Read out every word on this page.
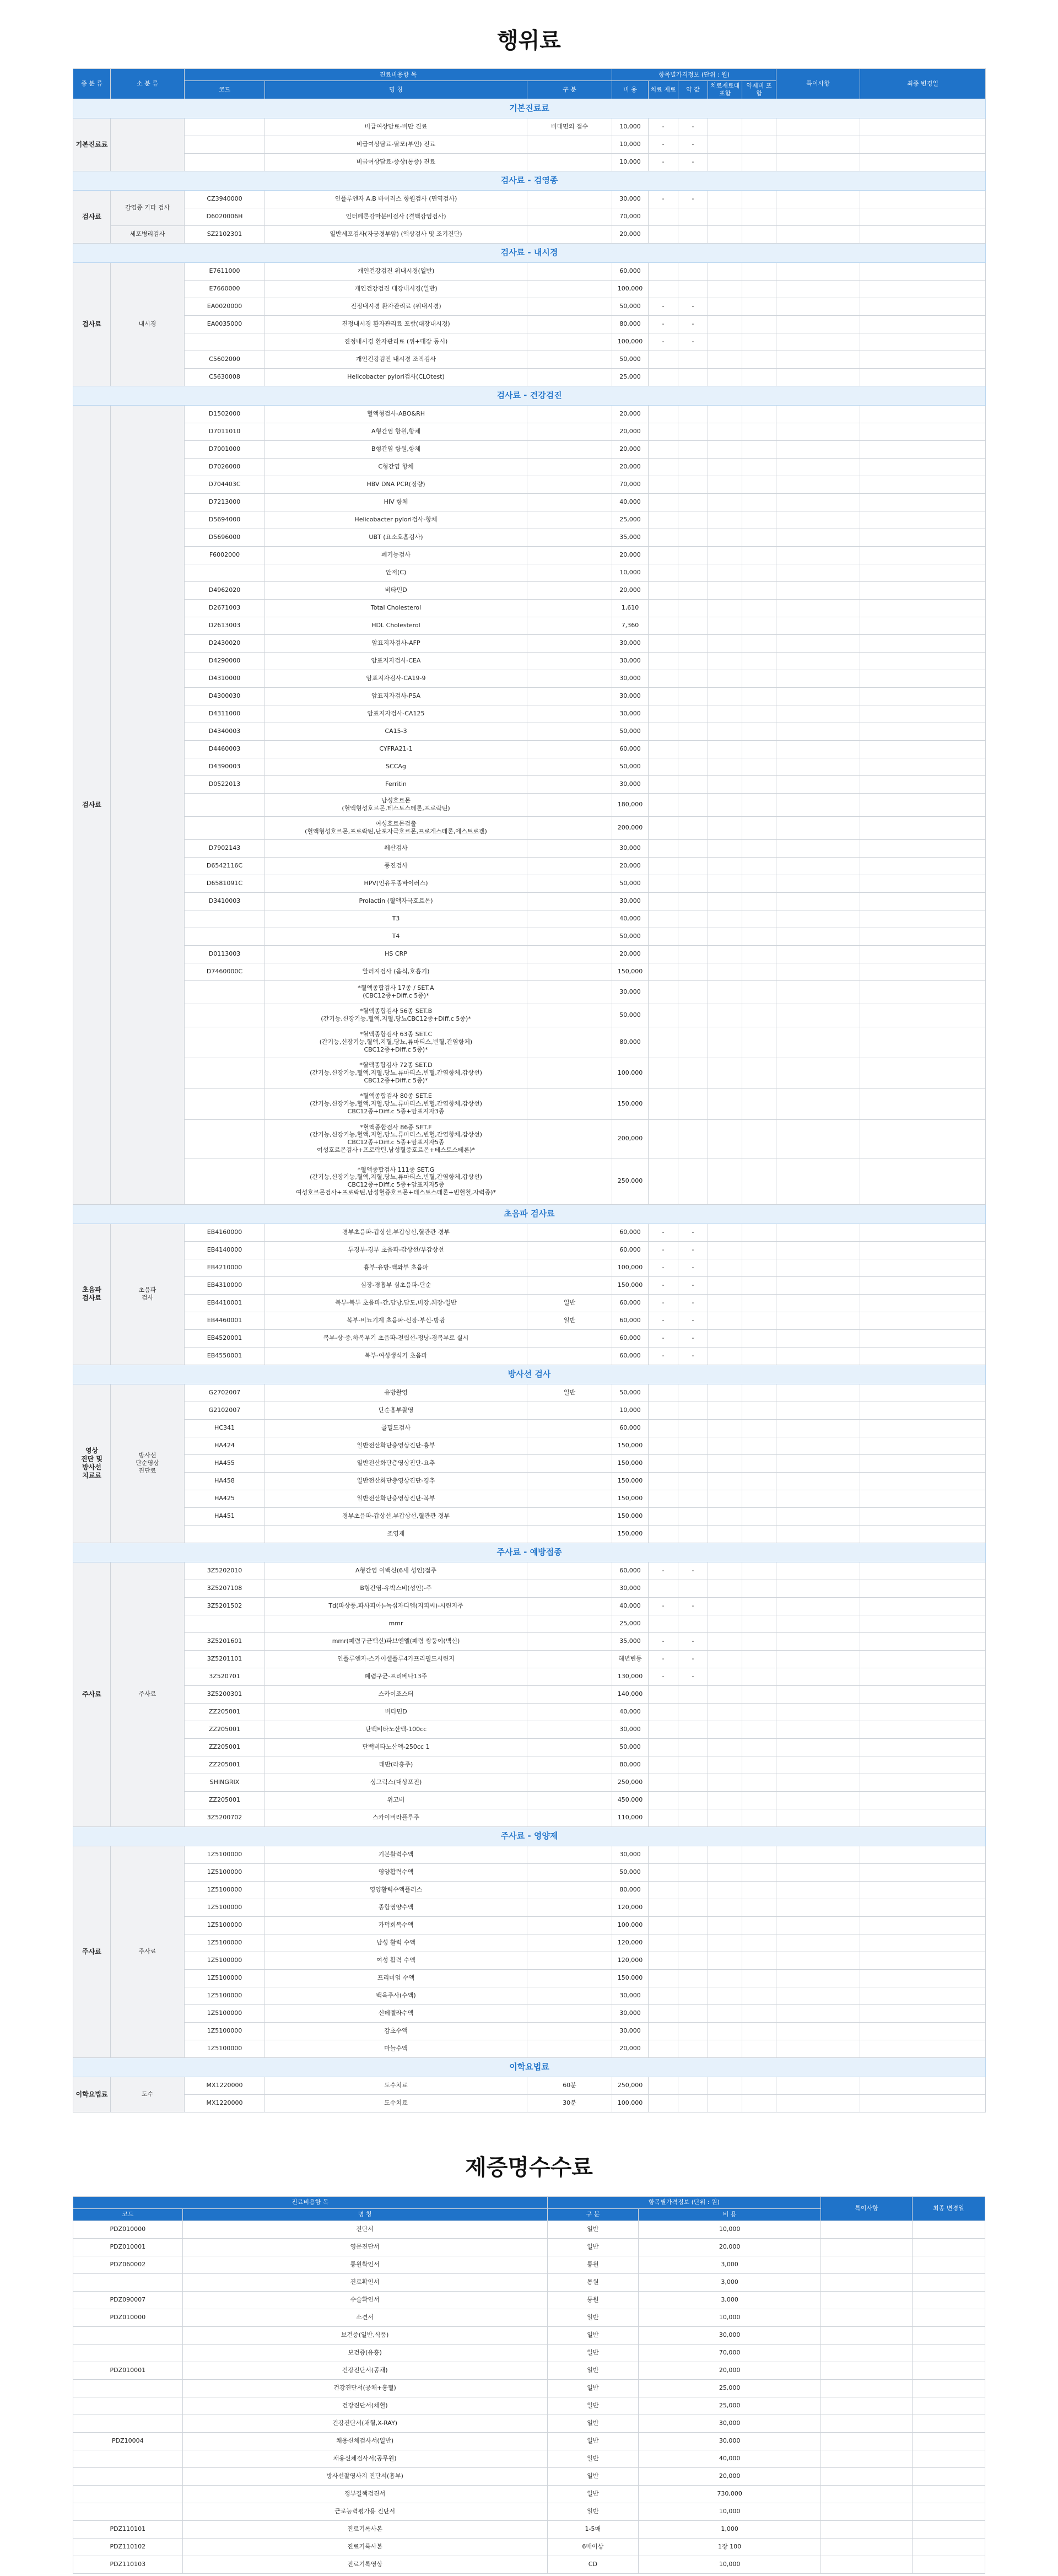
행위료
종 분 류	소 분 류	진료비용항 목			항목별가격정보 (단위 : 원)					특이사항	최종 변경일
		코드	명 칭	구 분	비 용	치료 재료	약 값	치료재료대 포함	약제비 포함		
기본진료료											
기본진료료			비급여상담료-비만 진료	비대면의 접수	10,000	-	-				
			비급여상담료-탈모(부인) 진료		10,000	-	-				
			비급여상담료-증상(통증) 진료		10,000	-	-				
검사료 - 검영종											
검사료	감염종 기타 검사	CZ3940000	인플루엔자 A,B 바이러스 항원검사 (면역검사)		30,000	-	-				
		D6020006H	인터페론감마분비검사 (결핵감염검사)		70,000						
	세포병리검사	SZ2102301	일반세포검사(자궁경부암) (액상검사 및 조기진단)		20,000						
검사료 - 내시경											
검사료	내시경	E7611000	개인건강검진 위내시경(일반)		60,000						
		E7660000	개인건강검진 대장내시경(일반)		100,000						
		EA0020000	진정내시경 환자관리료 (위내시경)		50,000	-	-				
		EA0035000	진정내시경 환자관리료 포함(대장내시경)		80,000	-	-				
			진정내시경 환자관리료 (위+대장 동시)		100,000	-	-				
		C5602000	개인건강검진 내시경 조직검사		50,000						
		C5630008	Helicobacter pylori검사(CLOtest)		25,000						
검사료 - 건강검진											
검사료		D1502000	혈액형검사-ABO&RH		20,000						
		D7011010	A형간염 항원,항체		20,000						
		D7001000	B형간염 항원,항체		20,000						
		D7026000	C형간염 항체		20,000						
		D704403C	HBV DNA PCR(정량)		70,000						
		D7213000	HIV 항체		40,000						
		D5694000	Helicobacter pylori검사-항체		25,000						
		D5696000	UBT (요소호흡검사)		35,000						
		F6002000	폐기능검사		20,000						
			안저(C)		10,000						
		D4962020	비타민D		20,000						
		D2671003	Total Cholesterol		1,610						
		D2613003	HDL Cholesterol		7,360						
		D2430020	암표지자검사-AFP		30,000						
		D4290000	암표지자검사-CEA		30,000						
		D4310000	암표지자검사-CA19-9		30,000						
		D4300030	암표지자검사-PSA		30,000						
		D4311000	암표지자검사-CA125		30,000						
		D4340003	CA15-3		50,000						
		D4460003	CYFRA21-1		60,000						
		D4390003	SCCAg		50,000						
		D0522013	Ferritin		30,000						
			남성호르몬
(혈액형성호르몬,테스토스테론,프로락틴)		180,000						
			여성호르몬검출
(혈액형성호르몬,프로락틴,난포자극호르몬,프로게스테론,에스트로겐)		200,000						
		D7902143	췌산검사		30,000						
		D6542116C	풍진검사		20,000						
		D6581091C	HPV(인유두종바이러스)		50,000						
		D3410003	Prolactin (혈액자극호르몬)		30,000						
			T3		40,000						
			T4		50,000						
		D0113003	HS CRP		20,000						
		D7460000C	알러지검사 (음식,호흡기)		150,000						
			*혈액종합검사 17종 / SET.A
(CBC12종+Diff.c 5종)*		30,000						
			*혈액종합검사 56종 SET.B
(간기능,신장기능,혈액,지혈,당뇨CBC12종+Diff.c 5종)*		50,000						
			*혈액종합검사 63종 SET.C
(간기능,신장기능,혈액,지혈,당뇨,류마티스,빈혈,간염항체)
CBC12종+Diff.c 5종)*		80,000						
			*혈액종합검사 72종 SET.D
(간기능,신장기능,혈액,지혈,당뇨,류마티스,빈혈,간염항체,갑상선)
CBC12종+Diff.c 5종)*		100,000						
			*혈액종합검사 80종 SET.E
(간기능,신장기능,혈액,지혈,당뇨,류마티스,빈혈,간염항체,갑상선)
CBC12종+Diff.c 5종+암표지자3종		150,000						
			*혈액종합검사 86종 SET.F
(간기능,신장기능,혈액,지혈,당뇨,류마티스,빈혈,간염항체,갑상선)
CBC12종+Diff.c 5종+암표지자5종
여성호르몬검사+프로락틴,남성혈증호르몬+테스토스테론)*		200,000						
			*혈액종합검사 111종 SET.G
(간기능,신장기능,혈액,지혈,당뇨,류마티스,빈혈,간염항체,갑상선)
CBC12종+Diff.c 5종+암표지자5종
여성호르몬검사+프로락틴,남성혈증호르몬+테스토스테론+빈혈철,자력종)*		250,000						
초음파 검사료											
초음파
검사료	초음파
검사	EB4160000	경부초음파-갑상선,부갑상선,혈관관 경부		60,000	-	-				
		EB4140000	두경부-경부 초음파-갑상선/부갑상선		60,000	-	-				
		EB4210000	흉부-유방-액와부 초음파		100,000	-	-				
		EB4310000	심장-경흉부 심초음파-단순		150,000	-	-				
		EB4410001	복부-복부 초음파-간,담낭,담도,비장,췌장-일반	일반	60,000	-	-				
		EB4460001	복부-비뇨기계 초음파-신장-부신-방광	일반	60,000	-	-				
		EB4520001	복부-상·중,하복부기 초음파-전립선-정낭-경복부로 실시		60,000	-	-				
		EB4550001	복부-여성생식기 초음파		60,000	-	-				
방사선 검사											
영상
진단 및
방사선
치료료	방사선
단순영상
진단료	G2702007	유방촬영	일반	50,000						
		G2102007	단순흉부촬영		10,000						
		HC341	골밀도검사		60,000						
		HA424	일반전산화단층영상진단-흉부		150,000						
		HA455	일반전산화단층영상진단-요추		150,000						
		HA458	일반전산화단층영상진단-경추		150,000						
		HA425	일반전산화단층영상진단-복부		150,000						
		HA451	경부초음파-갑상선,부갑상선,혈관관 경부		150,000						
			조영제		150,000						
주사료 - 예방접종											
주사료	주사료	3Z5202010	A형간염 이백신(6세 성인)접주		60,000	-	-				
		3Z5207108	B형간염-유박스비(성인)-주		30,000						
		3Z5201502	Td(파상풍,파사피아)-녹십자디엠(지피씨)-시린지주		40,000	-	-				
			mmr		25,000						
		3Z5201601	mmr(폐렴구균백신)파브엔엘(폐렴 쌍둥이(백신)		35,000	-	-				
		3Z5201101	인플루엔자-스카이셀플루4가프리필드시린지		해년변동	-	-				
		3Z520701	폐렴구균-프리베나13주		130,000	-	-				
		3Z5200301	스카이조스터		140,000						
		ZZ205001	비타민D		40,000						
		ZZ205001	단백비타노산액-100cc		30,000						
		ZZ205001	단백비타노산액-250cc 1		50,000						
		ZZ205001	태반(라흥주)		80,000						
		SHINGRIX	싱그릭스(대상포진)		250,000						
		ZZ205001	위고비		450,000						
		3Z5200702	스카이버라플루주		110,000						
주사료 - 영양제											
주사료	주사료	1Z5100000	기본활력수액		30,000						
		1Z5100000	영양활력수액		50,000						
		1Z5100000	영양활력수액플러스		80,000						
		1Z5100000	종합영양수액		120,000						
		1Z5100000	가덕회복수액		100,000						
		1Z5100000	남성 활력 수액		120,000						
		1Z5100000	여성 활력 수액		120,000						
		1Z5100000	프리미엄 수액		150,000						
		1Z5100000	백옥주사(수액)		30,000						
		1Z5100000	신데렐라수액		30,000						
		1Z5100000	감초수액		30,000						
		1Z5100000	마늘수액		20,000						
이학요법료											
이학요법료	도수	MX1220000	도수치료	60분	250,000						
		MX1220000	도수치료	30분	100,000						
제증명수수료
진료비용항 목		항목별가격정보 (단위 : 원)		특이사항	최종 변경일
코드	명 칭	구 분	비 용		
PDZ010000	진단서	일반	10,000		
PDZ010001	영문진단서	일반	20,000		
PDZ060002	통원확인서	통원	3,000		
	진료확인서	통원	3,000		
PDZ090007	수술확인서	통원	3,000		
PDZ010000	소견서	일반	10,000		
	보건증(일반,식품)	일반	30,000		
	보건증(유흥)	일반	70,000		
PDZ010001	건강진단서(공채)	일반	20,000		
	건강진단서(공채+흉혈)	일반	25,000		
	건강진단서(채혈)	일반	25,000		
	건강진단서(채혈,X-RAY)	일반	30,000		
PDZ10004	채용신체검사서(일반)	일반	30,000		
	채용신체검사서(공무원)	일반	40,000		
	방사선촬영사지 진단서(흉부)	일반	20,000		
	정부결핵검진서	일반	730,000		
	근로능력평가용 진단서	일반	10,000		
PDZ110101	진료기록사본	1-5매	1,000		
PDZ110102	진료기록사본	6매이상	1장 100		
PDZ110103	진료기록영상	CD	10,000		
